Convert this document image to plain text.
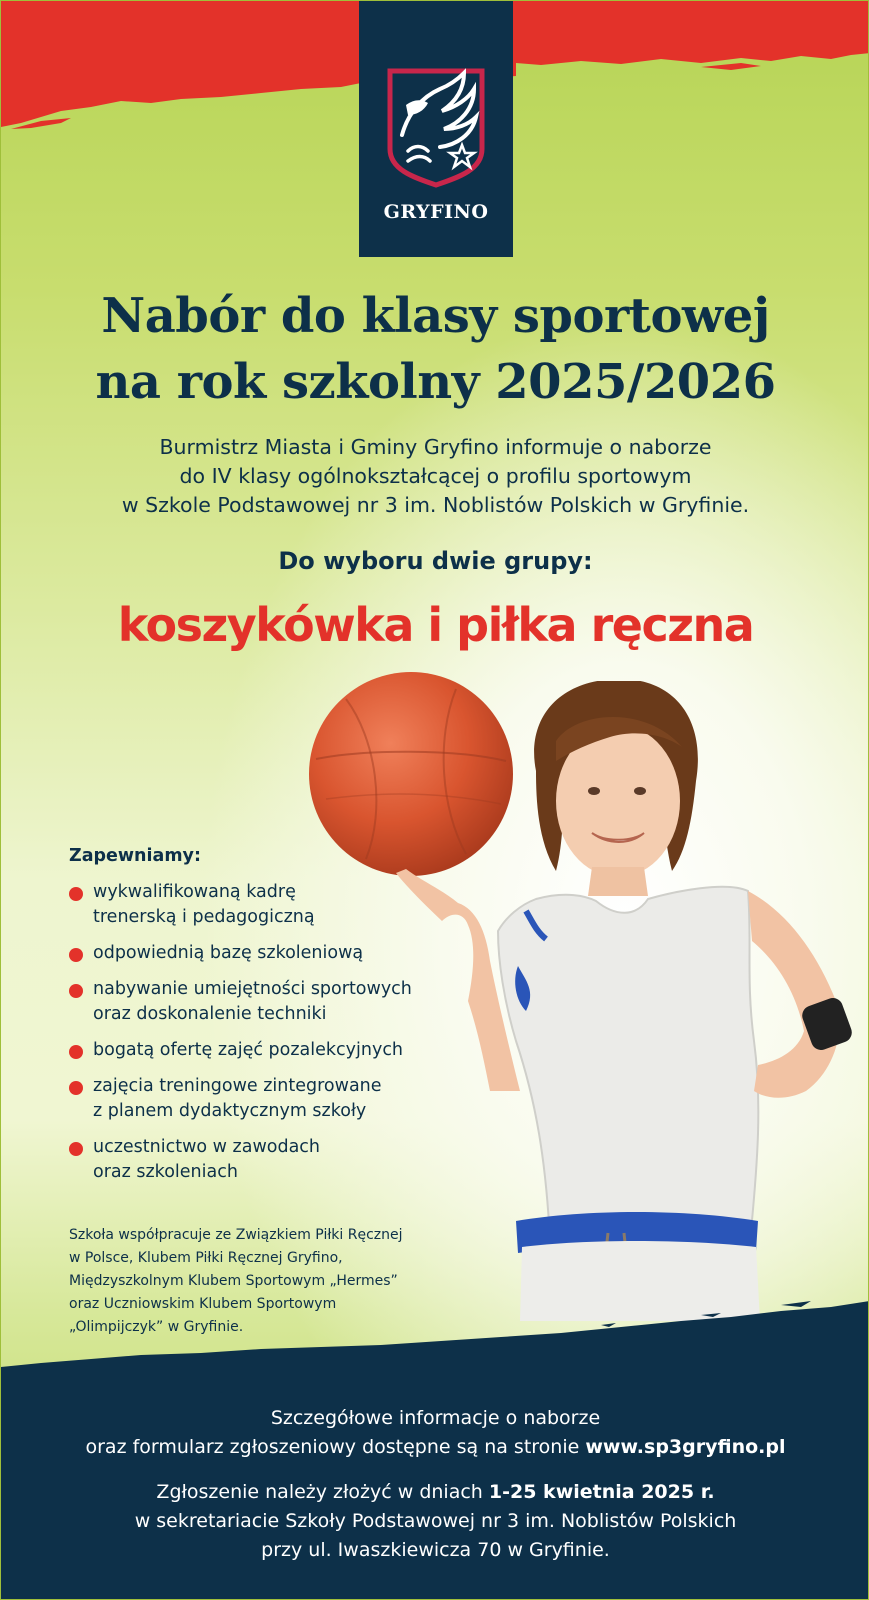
GRYFINO
Nabór do klasy sportowej
na rok szkolny 2025/2026
Burmistrz Miasta i Gminy Gryfino informuje o naborze
do IV klasy ogólnokształcącej o profilu sportowym
w Szkole Podstawowej nr 3 im. Noblistów Polskich w Gryfinie.
Do wyboru dwie grupy:
koszykówka i piłka ręczna
Zapewniamy:
wykwalifikowaną kadrę
trenerską i pedagogiczną
odpowiednią bazę szkoleniową
nabywanie umiejętności sportowych
oraz doskonalenie techniki
bogatą ofertę zajęć pozalekcyjnych
zajęcia treningowe zintegrowane
z planem dydaktycznym szkoły
uczestnictwo w zawodach
oraz szkoleniach
Szkoła współpracuje ze Związkiem Piłki Ręcznej
w Polsce, Klubem Piłki Ręcznej Gryfino,
Międzyszkolnym Klubem Sportowym „Hermes”
oraz Uczniowskim Klubem Sportowym
„Olimpijczyk” w Gryfinie.

Szczegółowe informacje o naborze
oraz formularz zgłoszeniowy dostępne są na stronie www.sp3gryfino.pl

Zgłoszenie należy złożyć w dniach 1-25 kwietnia 2025 r.
w sekretariacie Szkoły Podstawowej nr 3 im. Noblistów Polskich
przy ul. Iwaszkiewicza 70 w Gryfinie.
